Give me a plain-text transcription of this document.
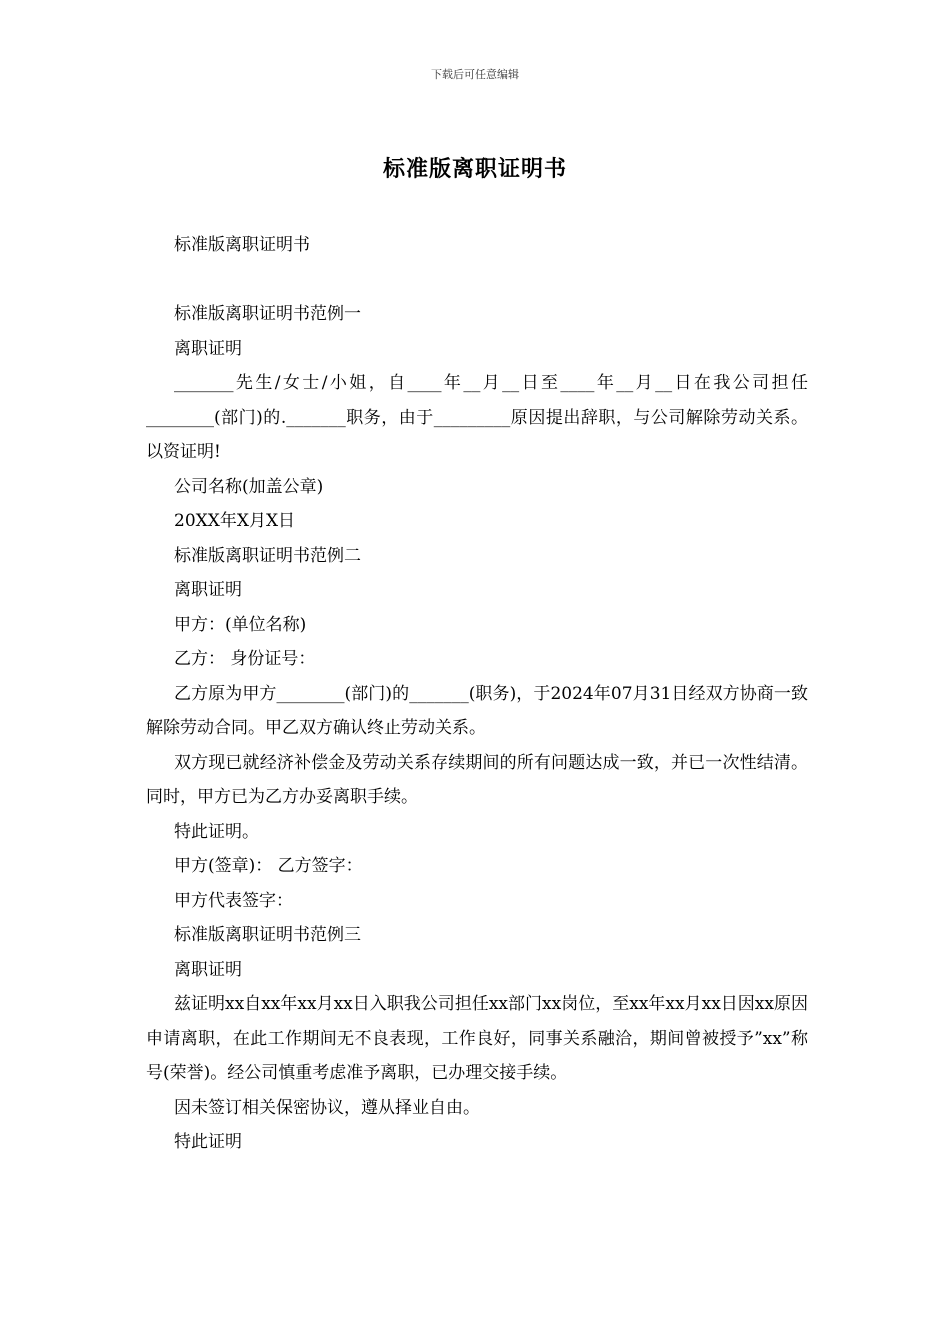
下载后可任意编辑
标准版离职证明书
标准版离职证明书

标准版离职证明书范例一

离职证明

_______先生/女士/小姐，自____年__月__日至____年__月__日在我公司担任________(部门)的._______职务，由于_________原因提出辞职，与公司解除劳动关系。以资证明!

公司名称(加盖公章)

20XX年X月X日

标准版离职证明书范例二

离职证明

甲方：(单位名称)

乙方： 身份证号：

乙方原为甲方________(部门)的_______(职务)，于2024年07月31日经双方协商一致解除劳动合同。甲乙双方确认终止劳动关系。

双方现已就经济补偿金及劳动关系存续期间的所有问题达成一致，并已一次性结清。同时，甲方已为乙方办妥离职手续。

特此证明。

甲方(签章)： 乙方签字：

甲方代表签字：

标准版离职证明书范例三

离职证明

兹证明xx自xx年xx月xx日入职我公司担任xx部门xx岗位，至xx年xx月xx日因xx原因申请离职，在此工作期间无不良表现，工作良好，同事关系融洽，期间曾被授予”xx”称号(荣誉)。经公司慎重考虑准予离职，已办理交接手续。

因未签订相关保密协议，遵从择业自由。

特此证明
